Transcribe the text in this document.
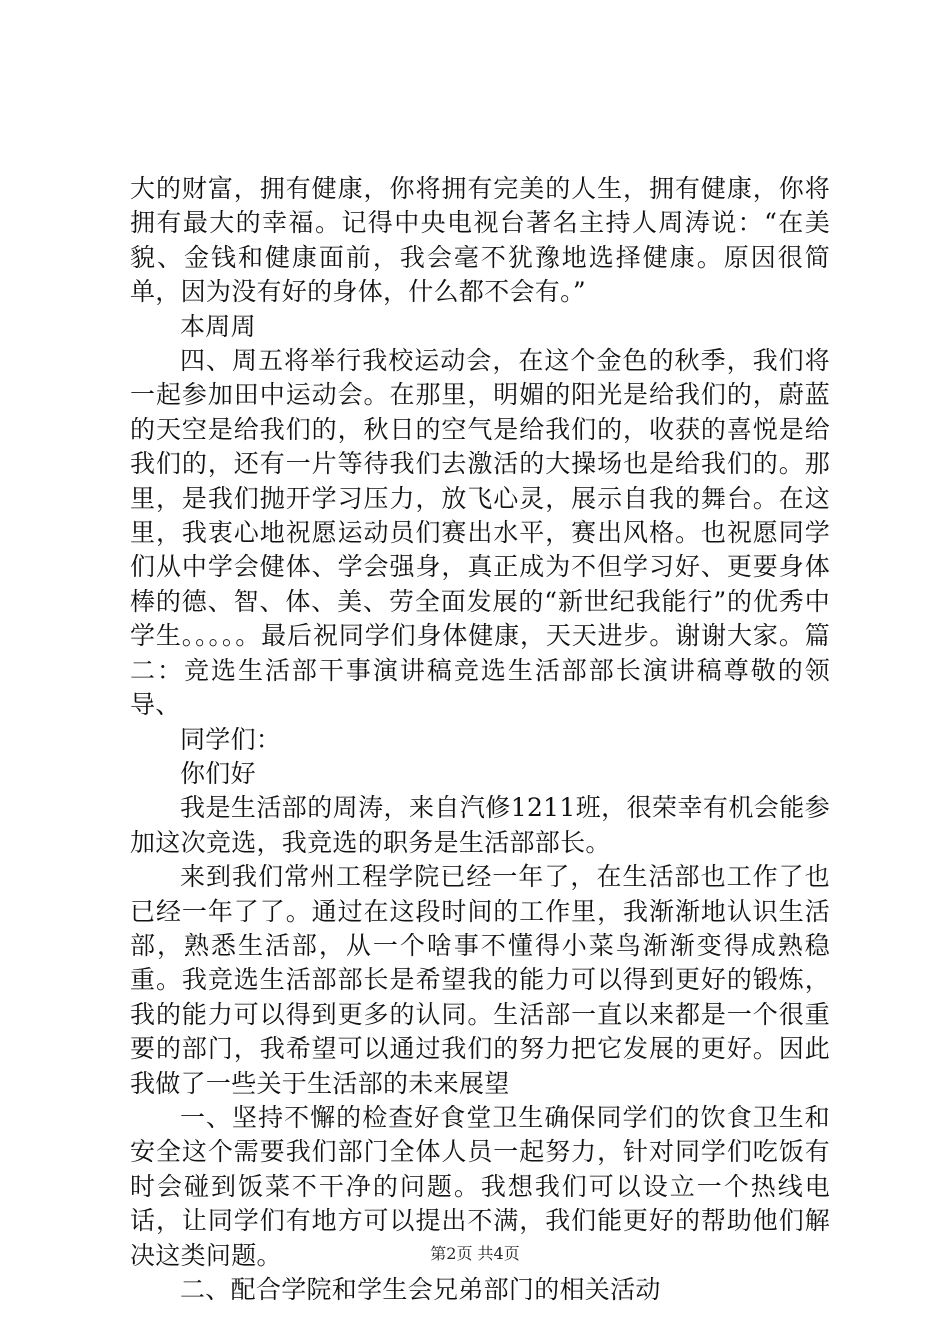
大的财富，拥有健康，你将拥有完美的人生，拥有健康，你将拥有最大的幸福。记得中央电视台著名主持人周涛说：“在美貌、金钱和健康面前，我会毫不犹豫地选择健康。原因很简单，因为没有好的身体，什么都不会有。”

本周周

四、周五将举行我校运动会，在这个金色的秋季，我们将一起参加田中运动会。在那里，明媚的阳光是给我们的，蔚蓝的天空是给我们的，秋日的空气是给我们的，收获的喜悦是给我们的，还有一片等待我们去激活的大操场也是给我们的。那里，是我们抛开学习压力，放飞心灵，展示自我的舞台。在这里，我衷心地祝愿运动员们赛出水平，赛出风格。也祝愿同学们从中学会健体、学会强身，真正成为不但学习好、更要身体棒的德、智、体、美、劳全面发展的“新世纪我能行”的优秀中学生。。。。。最后祝同学们身体健康，天天进步。谢谢大家。篇二：竞选生活部干事演讲稿竞选生活部部长演讲稿尊敬的领导、

同学们：

你们好

我是生活部的周涛，来自汽修1211班，很荣幸有机会能参加这次竞选，我竞选的职务是生活部部长。

来到我们常州工程学院已经一年了，在生活部也工作了也已经一年了了。通过在这段时间的工作里，我渐渐地认识生活部，熟悉生活部，从一个啥事不懂得小菜鸟渐渐变得成熟稳重。我竞选生活部部长是希望我的能力可以得到更好的锻炼，我的能力可以得到更多的认同。生活部一直以来都是一个很重要的部门，我希望可以通过我们的努力把它发展的更好。因此我做了一些关于生活部的未来展望

一、坚持不懈的检查好食堂卫生确保同学们的饮食卫生和安全这个需要我们部门全体人员一起努力，针对同学们吃饭有时会碰到饭菜不干净的问题。我想我们可以设立一个热线电话，让同学们有地方可以提出不满，我们能更好的帮助他们解决这类问题。

二、配合学院和学生会兄弟部门的相关活动

第2页 共4页
